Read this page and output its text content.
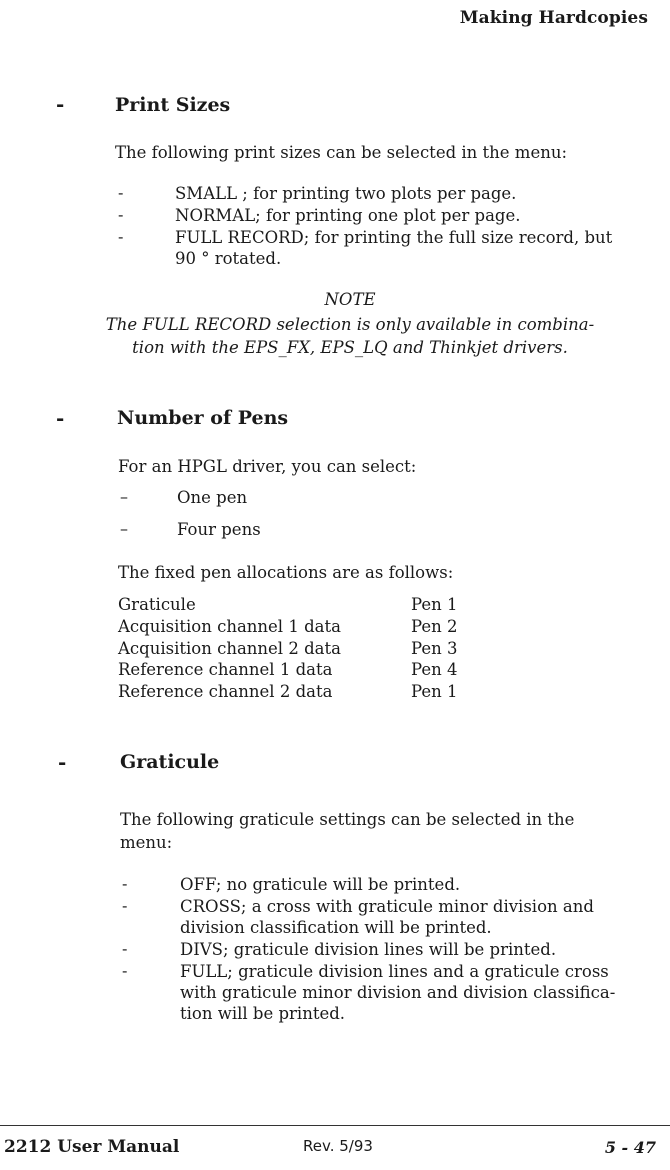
Making Hardcopies
-	Print Sizes
The following print sizes can be selected in the menu:
-	SMALL ; for printing two plots per page.
-	NORMAL; for printing one plot per page.
-	FULL RECORD; for printing the full size record, but 90 ° rotated.
NOTE
The FULL RECORD selection is only available in combina-
tion with the EPS_FX, EPS_LQ and Thinkjet drivers.
-	Number of Pens
For an HPGL driver, you can select:
–	One pen
–	Four pens
The fixed pen allocations are as follows:
Graticule	Pen 1
Acquisition channel 1 data	Pen 2
Acquisition channel 2 data	Pen 3
Reference channel 1 data	Pen 4
Reference channel 2 data	Pen 1
-	Graticule
The following graticule settings can be selected in the
menu:
-	OFF; no graticule will be printed.
-	CROSS; a cross with graticule minor division and division classification will be printed.
-	DIVS; graticule division lines will be printed.
-	FULL; graticule division lines and a graticule cross with graticule minor division and division classifica-tion will be printed.
2212 User Manual	Rev. 5/93	5 - 47
